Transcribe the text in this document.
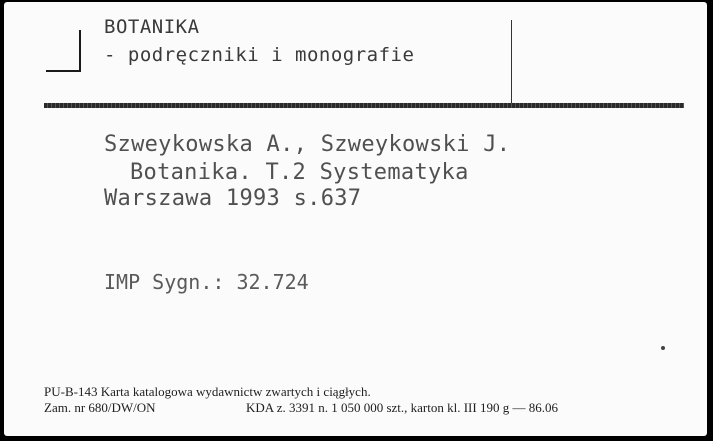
BOTANIKA
- podręczniki i monografie
Szweykowska A., Szweykowski J.
Botanika. T.2 Systematyka
Warszawa 1993 s.637
IMP Sygn.: 32.724
PU-B-143 Karta katalogowa wydawnictw zwartych i ciągłych.
Zam. nr 680/DW/ON	KDA z. 3391 n. 1 050 000 szt., karton kl. III 190 g — 86.06
